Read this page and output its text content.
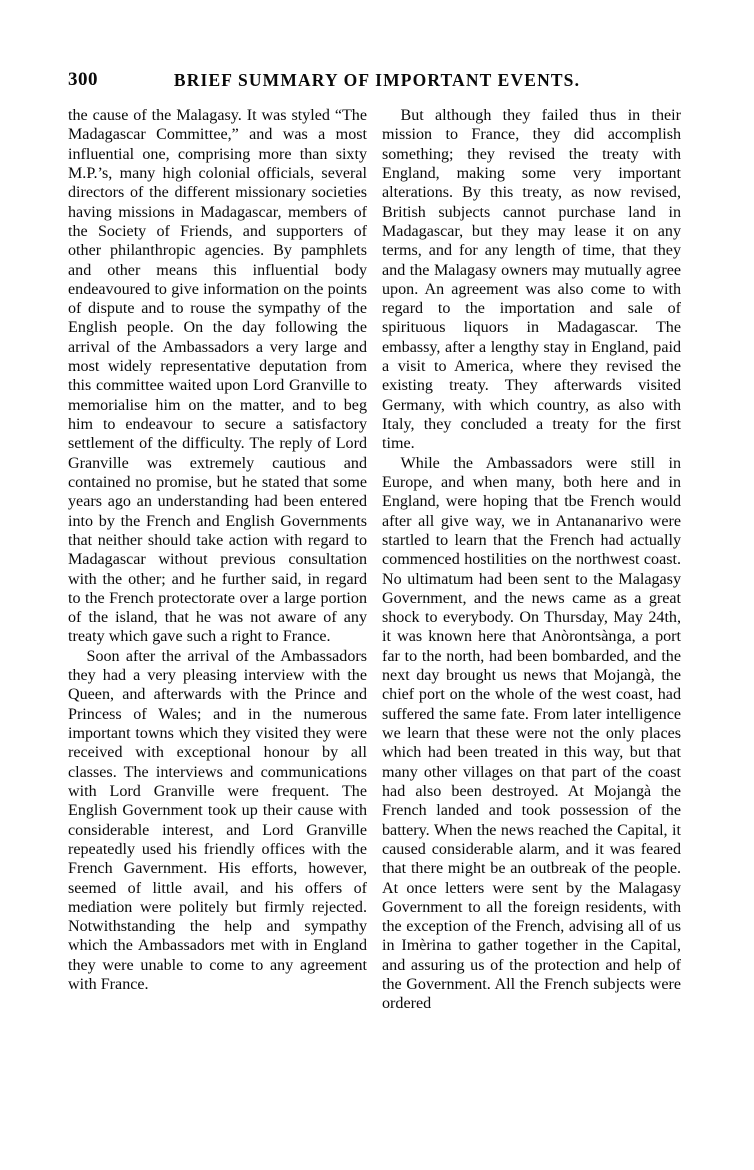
300	BRIEF SUMMARY OF IMPORTANT EVENTS.

the cause of the Malagasy. It was styled “The Madagascar Committee,” and was a most influential one, comprising more than sixty M.P.’s, many high colonial officials, several directors of the different missionary societies having missions in Madagascar, members of the Society of Friends, and supporters of other philanthropic agencies. By pamphlets and other means this influential body endeavoured to give information on the points of dispute and to rouse the sympathy of the English people. On the day following the arrival of the Ambassadors a very large and most widely representative deputation from this committee waited upon Lord Granville to memorialise him on the matter, and to beg him to endeavour to secure a satisfactory settlement of the difficulty. The reply of Lord Granville was extremely cautious and contained no promise, but he stated that some years ago an understanding had been entered into by the French and English Governments that neither should take action with regard to Madagascar without previous consultation with the other; and he further said, in regard to the French protectorate over a large portion of the island, that he was not aware of any treaty which gave such a right to France.

Soon after the arrival of the Ambassadors they had a very pleasing interview with the Queen, and afterwards with the Prince and Princess of Wales; and in the numerous important towns which they visited they were received with exceptional honour by all classes. The interviews and communications with Lord Granville were frequent. The English Government took up their cause with considerable interest, and Lord Granville repeatedly used his friendly offices with the French Gavernment. His efforts, however, seemed of little avail, and his offers of mediation were politely but firmly rejected. Notwithstanding the help and sympathy which the Ambassadors met with in England they were unable to come to any agreement with France.

But although they failed thus in their mission to France, they did accomplish something; they revised the treaty with England, making some very important alterations. By this treaty, as now revised, British subjects cannot purchase land in Madagascar, but they may lease it on any terms, and for any length of time, that they and the Malagasy owners may mutually agree upon. An agreement was also come to with regard to the importation and sale of spirituous liquors in Madagascar. The embassy, after a lengthy stay in England, paid a visit to America, where they revised the existing treaty. They afterwards visited Germany, with which country, as also with Italy, they concluded a treaty for the first time.

While the Ambassadors were still in Europe, and when many, both here and in England, were hoping that tbe French would after all give way, we in Antananarivo were startled to learn that the French had actually commenced hostilities on the northwest coast. No ultimatum had been sent to the Malagasy Government, and the news came as a great shock to everybody. On Thursday, May 24th, it was known here that Anòrontsànga, a port far to the north, had been bombarded, and the next day brought us news that Mojangà, the chief port on the whole of the west coast, had suffered the same fate. From later intelligence we learn that these were not the only places which had been treated in this way, but that many other villages on that part of the coast had also been destroyed. At Mojangà the French landed and took possession of the battery. When the news reached the Capital, it caused considerable alarm, and it was feared that there might be an outbreak of the people. At once letters were sent by the Malagasy Government to all the foreign residents, with the exception of the French, advising all of us in Imèrina to gather together in the Capital, and assuring us of the protection and help of the Government. All the French subjects were ordered
